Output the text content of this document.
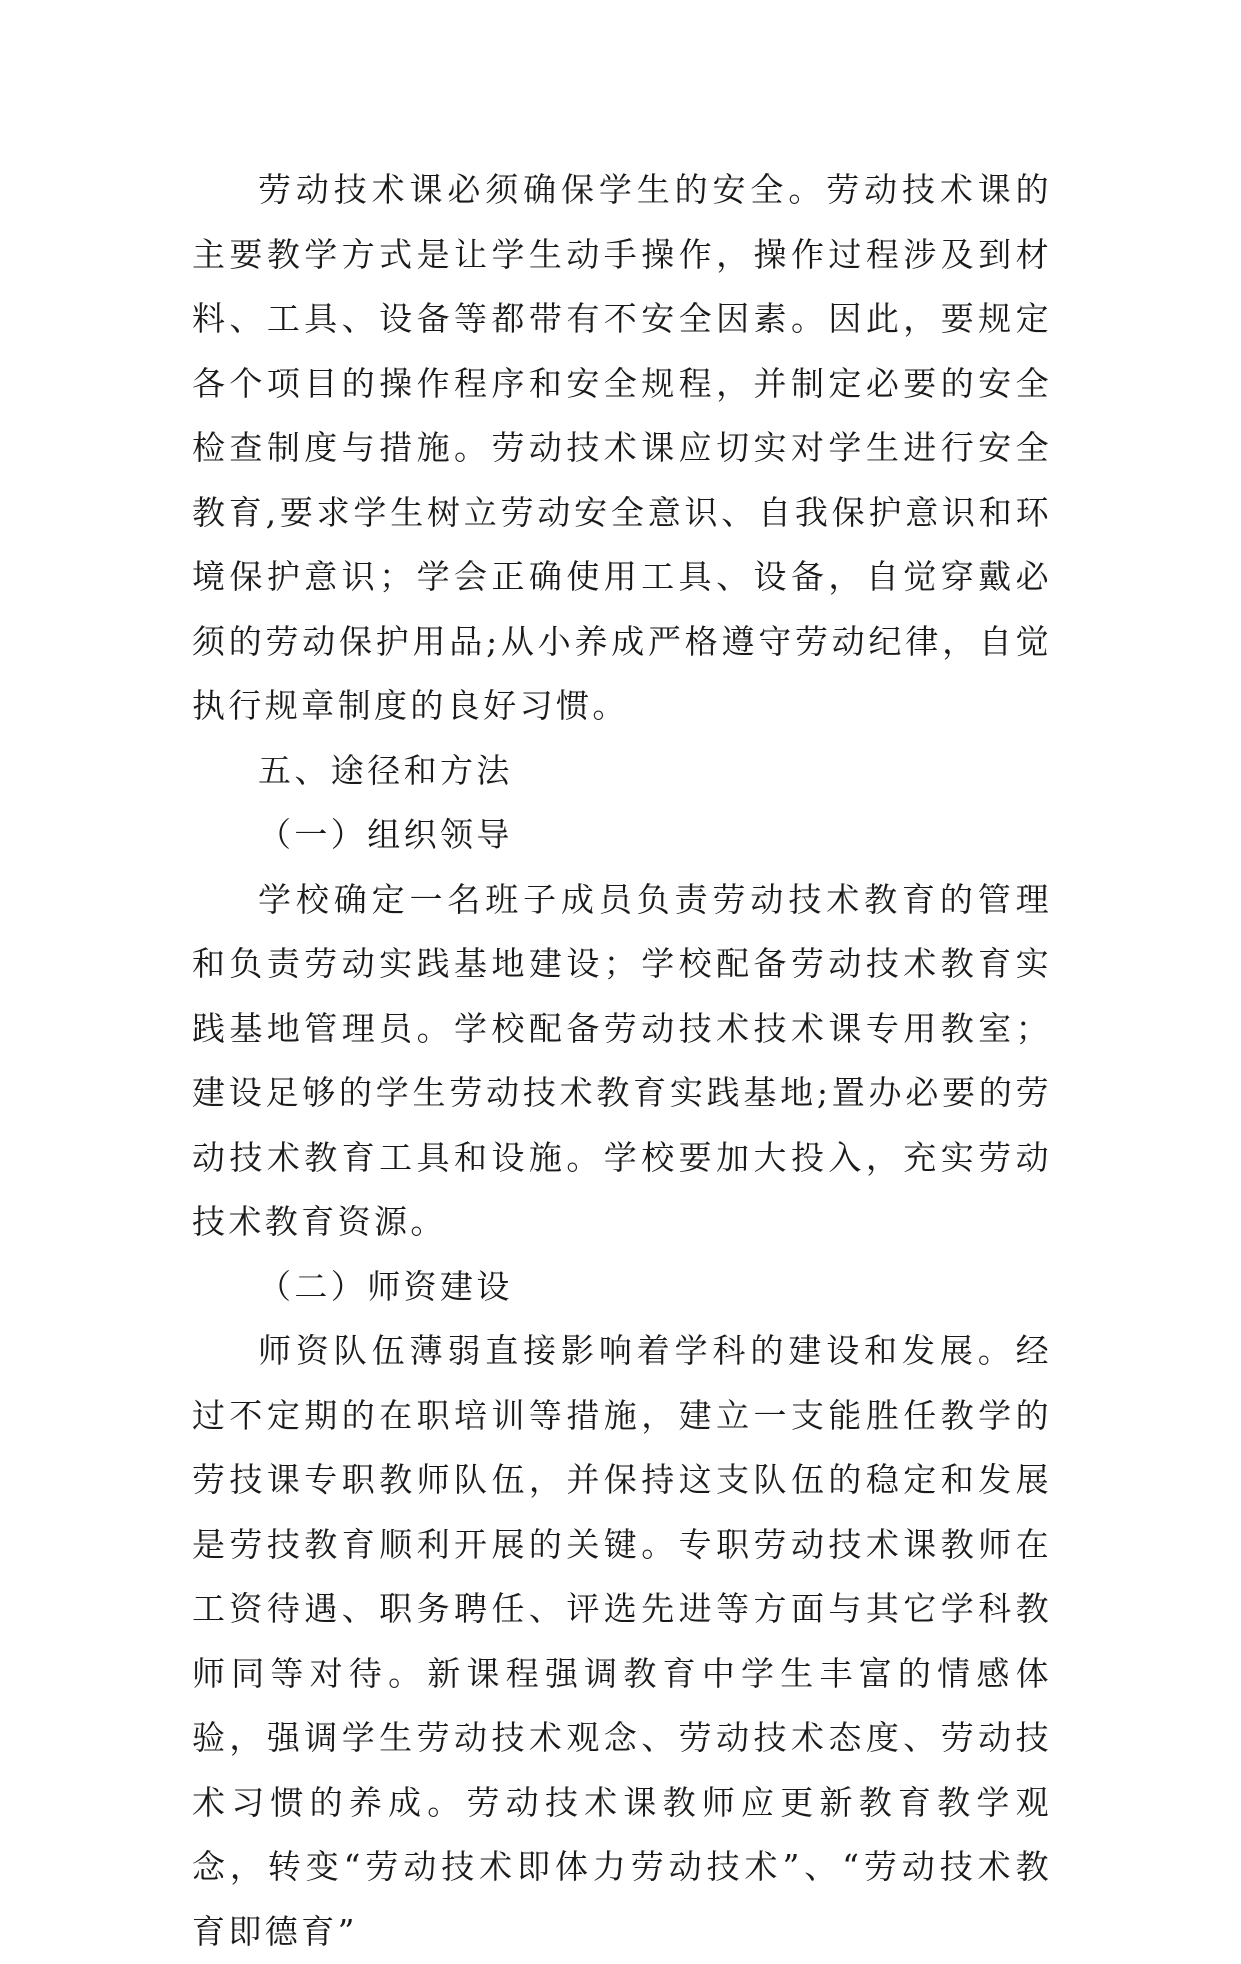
劳动技术课必须确保学生的安全。劳动技术课的主要教学方式是让学生动手操作，操作过程涉及到材料、工具、设备等都带有不安全因素。因此，要规定各个项目的操作程序和安全规程，并制定必要的安全检查制度与措施。劳动技术课应切实对学生进行安全教育,要求学生树立劳动安全意识、自我保护意识和环境保护意识；学会正确使用工具、设备，自觉穿戴必须的劳动保护用品;从小养成严格遵守劳动纪律，自觉执行规章制度的良好习惯。

五、途径和方法

（一）组织领导

学校确定一名班子成员负责劳动技术教育的管理和负责劳动实践基地建设；学校配备劳动技术教育实践基地管理员。学校配备劳动技术技术课专用教室；建设足够的学生劳动技术教育实践基地;置办必要的劳动技术教育工具和设施。学校要加大投入，充实劳动技术教育资源。

（二）师资建设

师资队伍薄弱直接影响着学科的建设和发展。经过不定期的在职培训等措施，建立一支能胜任教学的劳技课专职教师队伍，并保持这支队伍的稳定和发展是劳技教育顺利开展的关键。专职劳动技术课教师在工资待遇、职务聘任、评选先进等方面与其它学科教师同等对待。新课程强调教育中学生丰富的情感体验，强调学生劳动技术观念、劳动技术态度、劳动技术习惯的养成。劳动技术课教师应更新教育教学观念，转变“劳动技术即体力劳动技术”、“劳动技术教育即德育”
